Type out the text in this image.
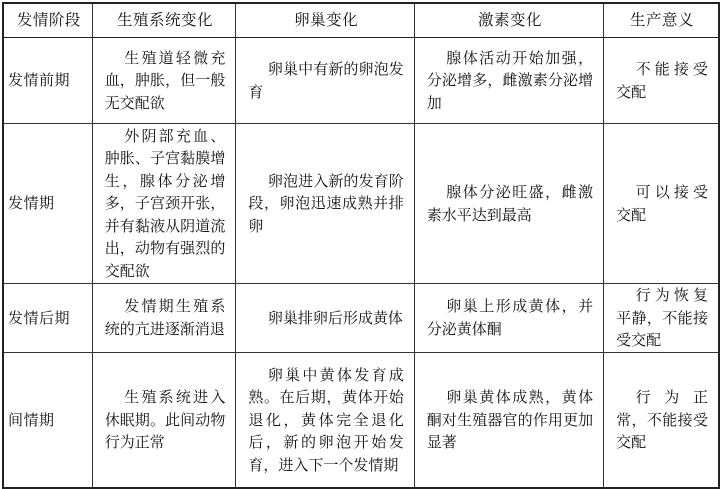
发情阶段	生殖系统变化	卵巢变化	激素变化	生产意义
发情前期	生殖道轻微充血，肿胀，但一般无交配欲	卵巢中有新的卵泡发育	腺体活动开始加强，分泌增多，雌激素分泌增加	不能接受交配
发情期	外阴部充血、肿胀、子宫黏膜增生，腺体分泌增多，子宫颈开张，并有黏液从阴道流出，动物有强烈的交配欲	卵泡进入新的发育阶段，卵泡迅速成熟并排卵	腺体分泌旺盛，雌激素水平达到最高	可以接受交配
发情后期	发情期生殖系统的亢进逐渐消退	卵巢排卵后形成黄体	卵巢上形成黄体，并分泌黄体酮	行为恢复平静，不能接受交配
间情期	生殖系统进入休眠期。此间动物行为正常	卵巢中黄体发育成熟。在后期，黄体开始退化，黄体完全退化后，新的卵泡开始发育，进入下一个发情期	卵巢黄体成熟，黄体酮对生殖器官的作用更加显著	行为正常，不能接受交配
